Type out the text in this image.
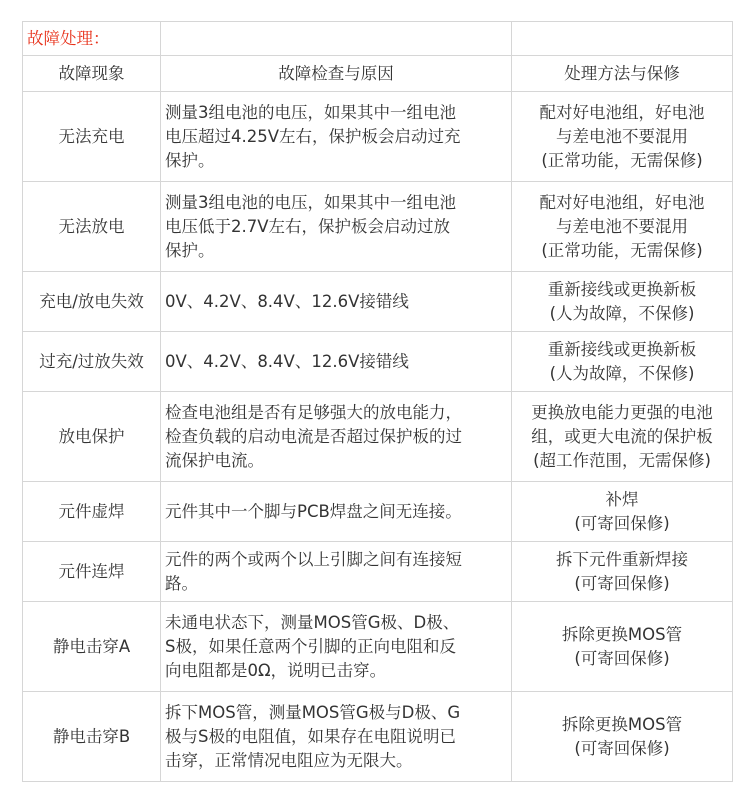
故障处理：		
故障现象	故障检查与原因	处理方法与保修
无法充电	测量3组电池的电压，如果其中一组电池
电压超过4.25V左右，保护板会启动过充
保护。	配对好电池组，好电池
与差电池不要混用
(正常功能，无需保修)

无法放电	测量3组电池的电压，如果其中一组电池
电压低于2.7V左右，保护板会启动过放
保护。	配对好电池组，好电池
与差电池不要混用
(正常功能，无需保修)

充电/放电失效	0V、4.2V、8.4V、12.6V接错线	重新接线或更换新板
(人为故障，不保修)

过充/过放失效	0V、4.2V、8.4V、12.6V接错线	重新接线或更换新板
(人为故障，不保修)

放电保护	检查电池组是否有足够强大的放电能力，
检查负载的启动电流是否超过保护板的过
流保护电流。	更换放电能力更强的电池
组，或更大电流的保护板
(超工作范围，无需保修)

元件虚焊	元件其中一个脚与PCB焊盘之间无连接。	补焊
(可寄回保修)

元件连焊	元件的两个或两个以上引脚之间有连接短
路。	拆下元件重新焊接
(可寄回保修)

静电击穿A	未通电状态下，测量MOS管G极、D极、
S极，如果任意两个引脚的正向电阻和反
向电阻都是0Ω，说明已击穿。	拆除更换MOS管
(可寄回保修)

静电击穿B	拆下MOS管，测量MOS管G极与D极、G
极与S极的电阻值，如果存在电阻说明已
击穿，正常情况电阻应为无限大。	拆除更换MOS管
(可寄回保修)
